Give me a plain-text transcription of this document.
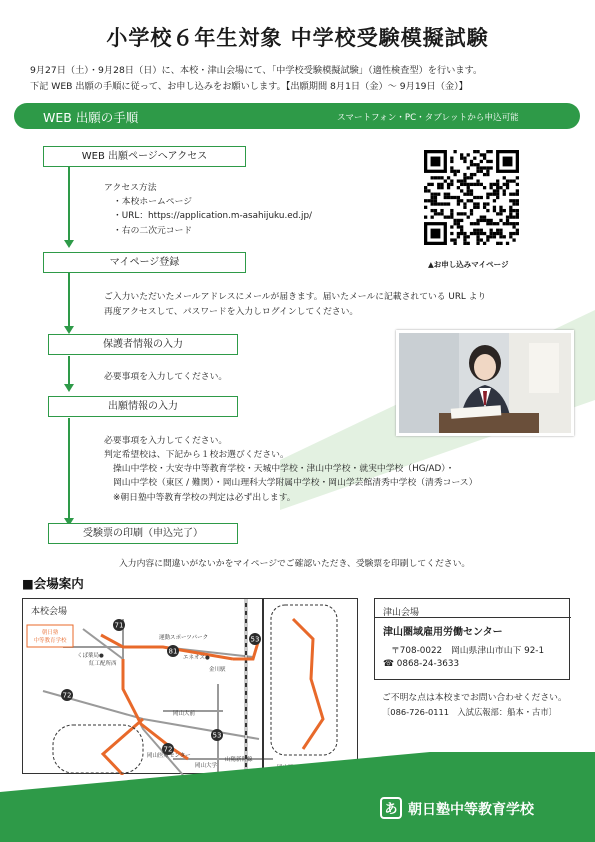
小学校６年生対象 中学校受験模擬試験
9月27日（土）・9月28日（日）に、本校・津山会場にて、「中学校受験模擬試験」（適性検査型）を行います。
下記 WEB 出願の手順に従って、お申し込みをお願いします。【出願期間 8月1日（金）〜 9月19日（金）】
WEB 出願の手順	スマートフォン・PC・タブレットから申込可能
WEB 出願ページへアクセス
マイページ登録
保護者情報の入力
出願情報の入力
受験票の印刷（申込完了）
アクセス方法
・本校ホームページ
・URL：https://application.m-asahijuku.ed.jp/
・右の二次元コード
▲お申し込みマイページ
ご入力いただいたメールアドレスにメールが届きます。届いたメールに記載されている URL より
再度アクセスして、パスワードを入力しログインしてください。
必要事項を入力してください。
必要事項を入力してください。
判定希望校は、下記から１校お選びください。
操山中学校・大安寺中等教育学校・天城中学校・津山中学校・就実中学校（HG/AD）・
岡山中学校（東区 / 難関）・岡山理科大学附属中学校・岡山学芸館清秀中学校（清秀コース）
※朝日塾中等教育学校の判定は必ず出します。
入力内容に間違いがないかをマイページでご確認いただき、受験票を印刷してください。
■会場案内
本校会場
71
81
53
72
53
72
朝日塾
中等教育学校
くば薬局●
紅工配所西
運動スポーツパーク
エネオス●
金川駅
岡山大前
岡山医療センター
岡山大学
山陽新幹線
津山会場
津山圏域雇用労働センター
〒708-0022　岡山県津山市山下 92-1
☎ 0868-24-3633
ご不明な点は本校までお問い合わせください。
〔086-726-0111　入試広報部：船本・古市〕
あ 朝日塾中等教育学校
